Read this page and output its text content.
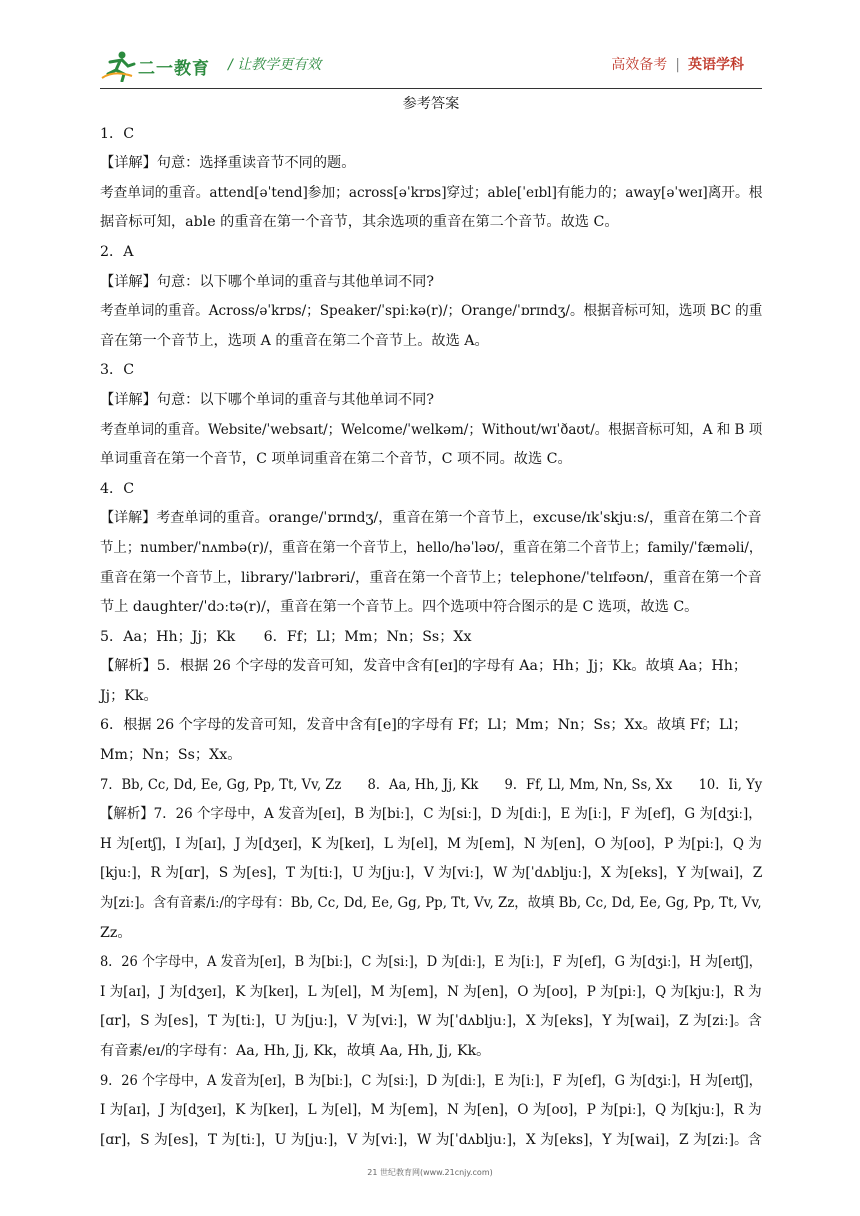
二一教育 / 让教学更有效	高效备考 | 英语学科
参考答案
1．C
【详解】句意：选择重读音节不同的题。
考查单词的重音。attend[əˈtend]参加；across[əˈkrɒs]穿过；able[ˈeɪbl]有能力的；away[əˈweɪ]离开。根
据音标可知，able 的重音在第一个音节，其余选项的重音在第二个音节。故选 C。
2．A
【详解】句意：以下哪个单词的重音与其他单词不同?
考查单词的重音。Across/əˈkrɒs/；Speaker/ˈspiːkə(r)/；Orange/ˈɒrɪndʒ/。根据音标可知，选项 BC 的重
音在第一个音节上，选项 A 的重音在第二个音节上。故选 A。
3．C
【详解】句意：以下哪个单词的重音与其他单词不同?
考查单词的重音。Website/ˈwebsaɪt/；Welcome/ˈwelkəm/；Without/wɪˈðaʊt/。根据音标可知，A 和 B 项
单词重音在第一个音节，C 项单词重音在第二个音节，C 项不同。故选 C。
4．C
【详解】考查单词的重音。orange/ˈɒrɪndʒ/，重音在第一个音节上，excuse/ɪkˈskjuːs/，重音在第二个音
节上；number/ˈnʌmbə(r)/，重音在第一个音节上，hello/həˈləʊ/，重音在第二个音节上；family/ˈfæməli/，
重音在第一个音节上，library/ˈlaɪbrəri/，重音在第一个音节上；telephone/ˈtelɪfəʊn/，重音在第一个音
节上 daughter/ˈdɔːtə(r)/，重音在第一个音节上。四个选项中符合图示的是 C 选项，故选 C。
5．Aa；Hh；Jj；Kk　　6．Ff；Ll；Mm；Nn；Ss；Xx
【解析】5．根据 26 个字母的发音可知，发音中含有[eɪ]的字母有 Aa；Hh；Jj；Kk。故填 Aa；Hh；
Jj；Kk。
6．根据 26 个字母的发音可知，发音中含有[e]的字母有 Ff；Ll；Mm；Nn；Ss；Xx。故填 Ff；Ll；
Mm；Nn；Ss；Xx。
7．Bb, Cc, Dd, Ee, Gg, Pp, Tt, Vv, Zz　　8．Aa, Hh, Jj, Kk　　9．Ff, Ll, Mm, Nn, Ss, Xx　　10．Ii, Yy
【解析】7．26 个字母中，A 发音为[eɪ]，B 为[biː]，C 为[siː]，D 为[diː]，E 为[iː]，F 为[ef]，G 为[dʒiː]，
H 为[eɪtʃ]，I 为[aɪ]，J 为[dʒeɪ]，K 为[keɪ]，L 为[el]，M 为[em]，N 为[en]，O 为[oʊ]，P 为[piː]，Q 为
[kjuː]，R 为[ɑr]，S 为[es]，T 为[tiː]，U 为[juː]，V 为[viː]，W 为[ˈdʌbljuː]，X 为[eks]，Y 为[wai]，Z
为[ziː]。含有音素/iː/的字母有：Bb, Cc, Dd, Ee, Gg, Pp, Tt, Vv, Zz，故填 Bb, Cc, Dd, Ee, Gg, Pp, Tt, Vv,
Zz。
8．26 个字母中，A 发音为[eɪ]，B 为[biː]，C 为[siː]，D 为[diː]，E 为[iː]，F 为[ef]，G 为[dʒiː]，H 为[eɪtʃ]，
I 为[aɪ]，J 为[dʒeɪ]，K 为[keɪ]，L 为[el]，M 为[em]，N 为[en]，O 为[oʊ]，P 为[piː]，Q 为[kjuː]，R 为
[ɑr]，S 为[es]，T 为[tiː]，U 为[juː]，V 为[viː]，W 为[ˈdʌbljuː]，X 为[eks]，Y 为[wai]，Z 为[ziː]。含
有音素/eɪ/的字母有：Aa, Hh, Jj, Kk，故填 Aa, Hh, Jj, Kk。
9．26 个字母中，A 发音为[eɪ]，B 为[biː]，C 为[siː]，D 为[diː]，E 为[iː]，F 为[ef]，G 为[dʒiː]，H 为[eɪtʃ]，
I 为[aɪ]，J 为[dʒeɪ]，K 为[keɪ]，L 为[el]，M 为[em]，N 为[en]，O 为[oʊ]，P 为[piː]，Q 为[kjuː]，R 为
[ɑr]，S 为[es]，T 为[tiː]，U 为[juː]，V 为[viː]，W 为[ˈdʌbljuː]，X 为[eks]，Y 为[wai]，Z 为[ziː]。含
21 世纪教育网(www.21cnjy.com)
